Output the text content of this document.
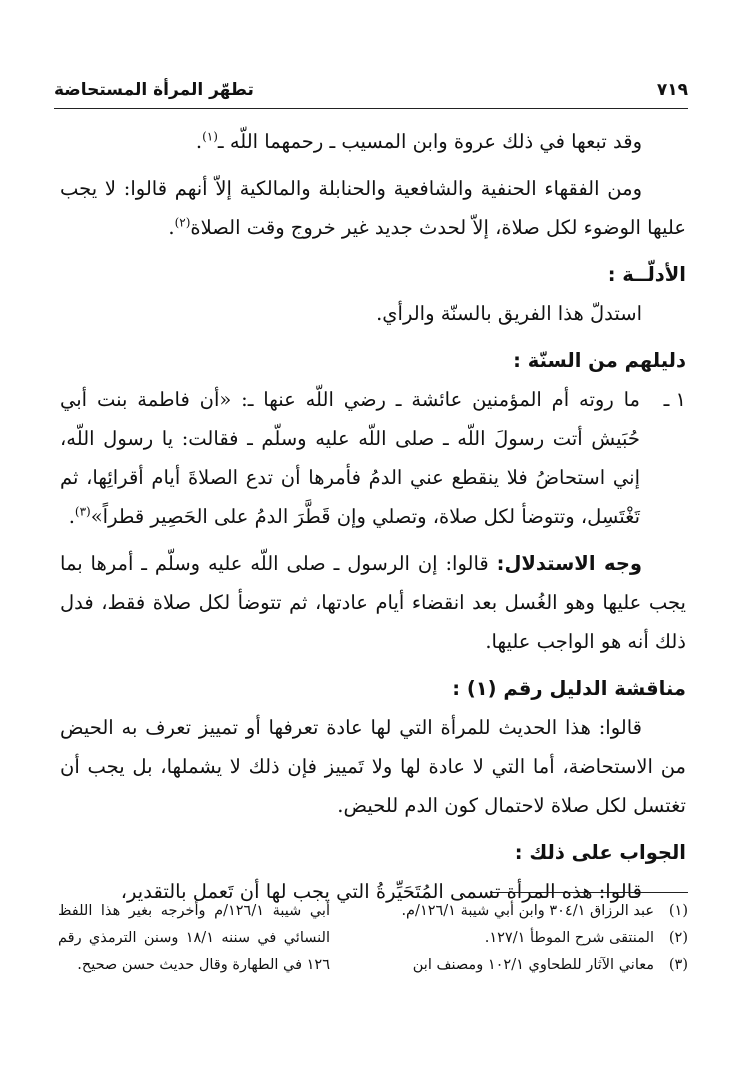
٧١٩
تطهّر المرأة المستحاضة

وقد تبعها في ذلك عروة وابن المسيب ـ رحمهما اللّه ـ$^{(١)}$.

ومن الفقهاء الحنفية والشافعية والحنابلة والمالكية إلاّ أنهم قالوا: لا يجب عليها الوضوء لكل صلاة، إلاّ لحدث جديد غير خروج وقت الصلاة$^{(٢)}$.

الأدلّــة :

استدلّ هذا الفريق بالسنّة والرأي.

دليلهم من السنّة :
١ ـ

ما روته أم المؤمنين عائشة ـ رضي اللّه عنها ـ: «أن فاطمة بنت أبي حُبَيش أتت رسولَ اللّه ـ صلى اللّه عليه وسلّم ـ فقالت: يا رسول اللّه، إني استحاضُ فلا ينقطع عني الدمُ فأمرها أن تدع الصلاةَ أيام أقرائِها، ثم تَغْتَسِل، وتتوضأ لكل صلاة، وتصلي وإن قَطَّرَ الدمُ على الحَصِير قطراً»$^{(٣)}$.

وجه الاستدلال: قالوا: إن الرسول ـ صلى اللّه عليه وسلّم ـ أمرها بما يجب عليها وهو الغُسل بعد انقضاء أيام عادتها، ثم تتوضأ لكل صلاة فقط، فدل ذلك أنه هو الواجب عليها.

مناقشة الدليل رقم (١) :

قالوا: هذا الحديث للمرأة التي لها عادة تعرفها أو تمييز تعرف به الحيض من الاستحاضة، أما التي لا عادة لها ولا تَمييز فإن ذلك لا يشملها، بل يجب أن تغتسل لكل صلاة لاحتمال كون الدم للحيض.

الجواب على ذلك :

قالوا: هذه المرأة تسمى المُتَحَيِّرةُ التي يجب لها أن تَعمل بالتقدير،

(١)

عبد الرزاق ٣٠٤/١ وابن أبي شيبة ١٢٦/١/م.

(٢)

المنتقى شرح الموطأ ١٢٧/١.

(٣)

معاني الآثار للطحاوي ١٠٢/١ ومصنف ابن

أبي شيبة ١٢٦/١/م وأخرجه بغير هذا اللفظ النسائي في سننه ١٨/١ وسنن الترمذي رقم ١٢٦ في الطهارة وقال حديث حسن صحيح.
